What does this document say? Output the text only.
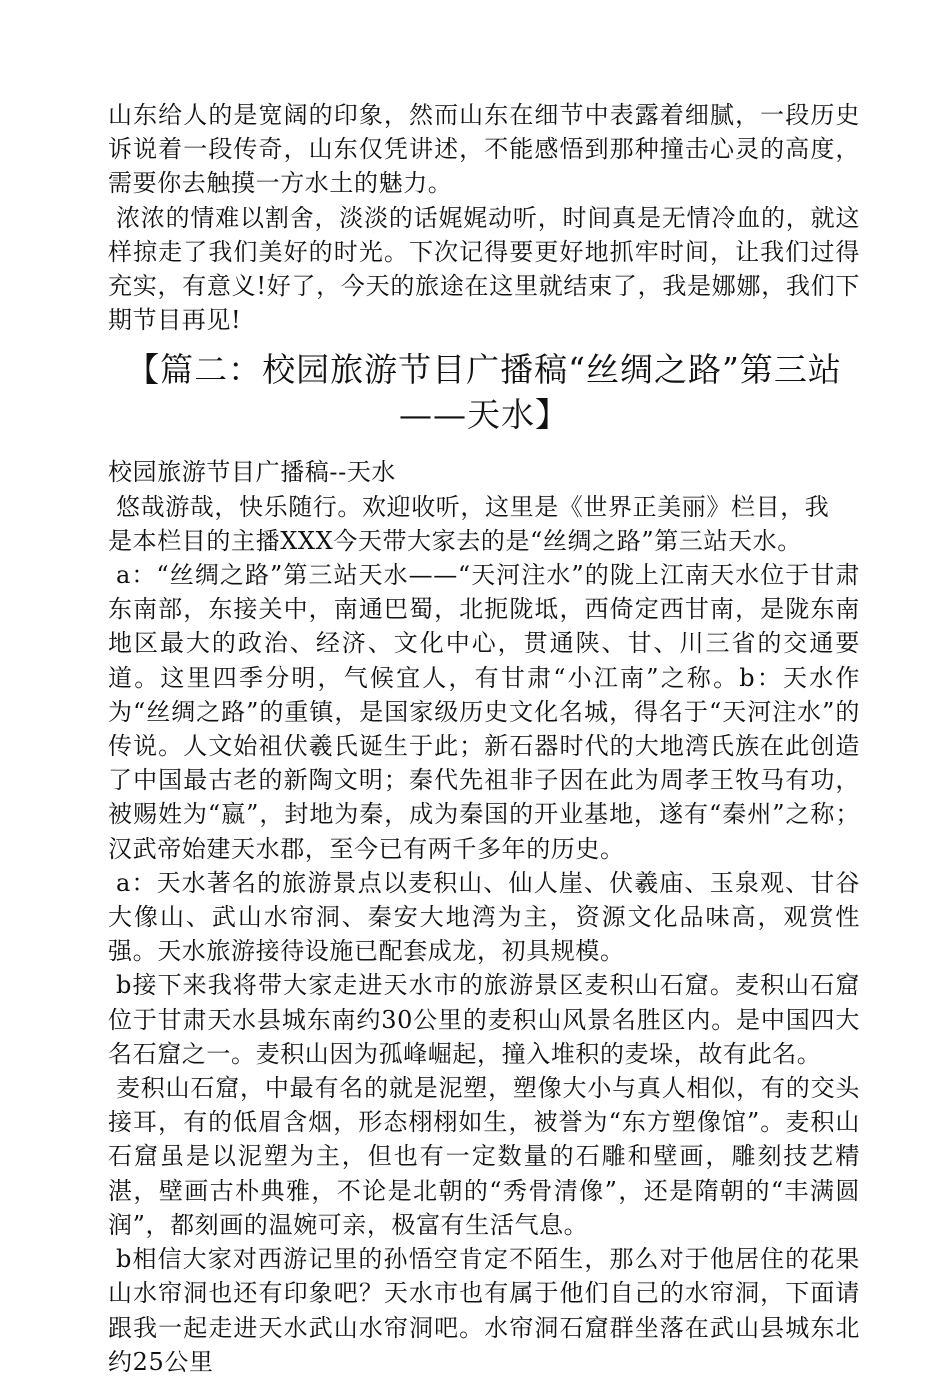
山东给人的是宽阔的印象，然而山东在细节中表露着细腻，一段历史诉说着一段传奇，山东仅凭讲述，不能感悟到那种撞击心灵的高度，需要你去触摸一方水土的魅力。

浓浓的情难以割舍，淡淡的话娓娓动听，时间真是无情冷血的，就这样掠走了我们美好的时光。下次记得要更好地抓牢时间，让我们过得充实，有意义!好了，今天的旅途在这里就结束了，我是娜娜，我们下期节目再见!

【篇二：校园旅游节目广播稿“丝绸之路”第三站——天水】

校园旅游节目广播稿--天水

悠哉游哉，快乐随行。欢迎收听，这里是《世界正美丽》栏目，我

是本栏目的主播XXX今天带大家去的是“丝绸之路”第三站天水。

a：“丝绸之路”第三站天水——“天河注水”的陇上江南天水位于甘肃东南部，东接关中，南通巴蜀，北扼陇坻，西倚定西甘南，是陇东南地区最大的政治、经济、文化中心，贯通陕、甘、川三省的交通要道。这里四季分明，气候宜人，有甘肃“小江南”之称。b：天水作为“丝绸之路”的重镇，是国家级历史文化名城，得名于“天河注水”的传说。人文始祖伏羲氏诞生于此；新石器时代的大地湾氏族在此创造了中国最古老的新陶文明；秦代先祖非子因在此为周孝王牧马有功，被赐姓为“嬴”，封地为秦，成为秦国的开业基地，遂有“秦州”之称；汉武帝始建天水郡，至今已有两千多年的历史。

a：天水著名的旅游景点以麦积山、仙人崖、伏羲庙、玉泉观、甘谷大像山、武山水帘洞、秦安大地湾为主，资源文化品味高，观赏性强。天水旅游接待设施已配套成龙，初具规模。

b接下来我将带大家走进天水市的旅游景区麦积山石窟。麦积山石窟位于甘肃天水县城东南约30公里的麦积山风景名胜区内。是中国四大名石窟之一。麦积山因为孤峰崛起，撞入堆积的麦垛，故有此名。

麦积山石窟，中最有名的就是泥塑，塑像大小与真人相似，有的交头接耳，有的低眉含烟，形态栩栩如生，被誉为“东方塑像馆”。麦积山石窟虽是以泥塑为主，但也有一定数量的石雕和壁画，雕刻技艺精湛，壁画古朴典雅，不论是北朝的“秀骨清像”，还是隋朝的“丰满圆润”，都刻画的温婉可亲，极富有生活气息。

b相信大家对西游记里的孙悟空肯定不陌生，那么对于他居住的花果山水帘洞也还有印象吧？天水市也有属于他们自己的水帘洞，下面请跟我一起走进天水武山水帘洞吧。水帘洞石窟群坐落在武山县城东北约25公里
